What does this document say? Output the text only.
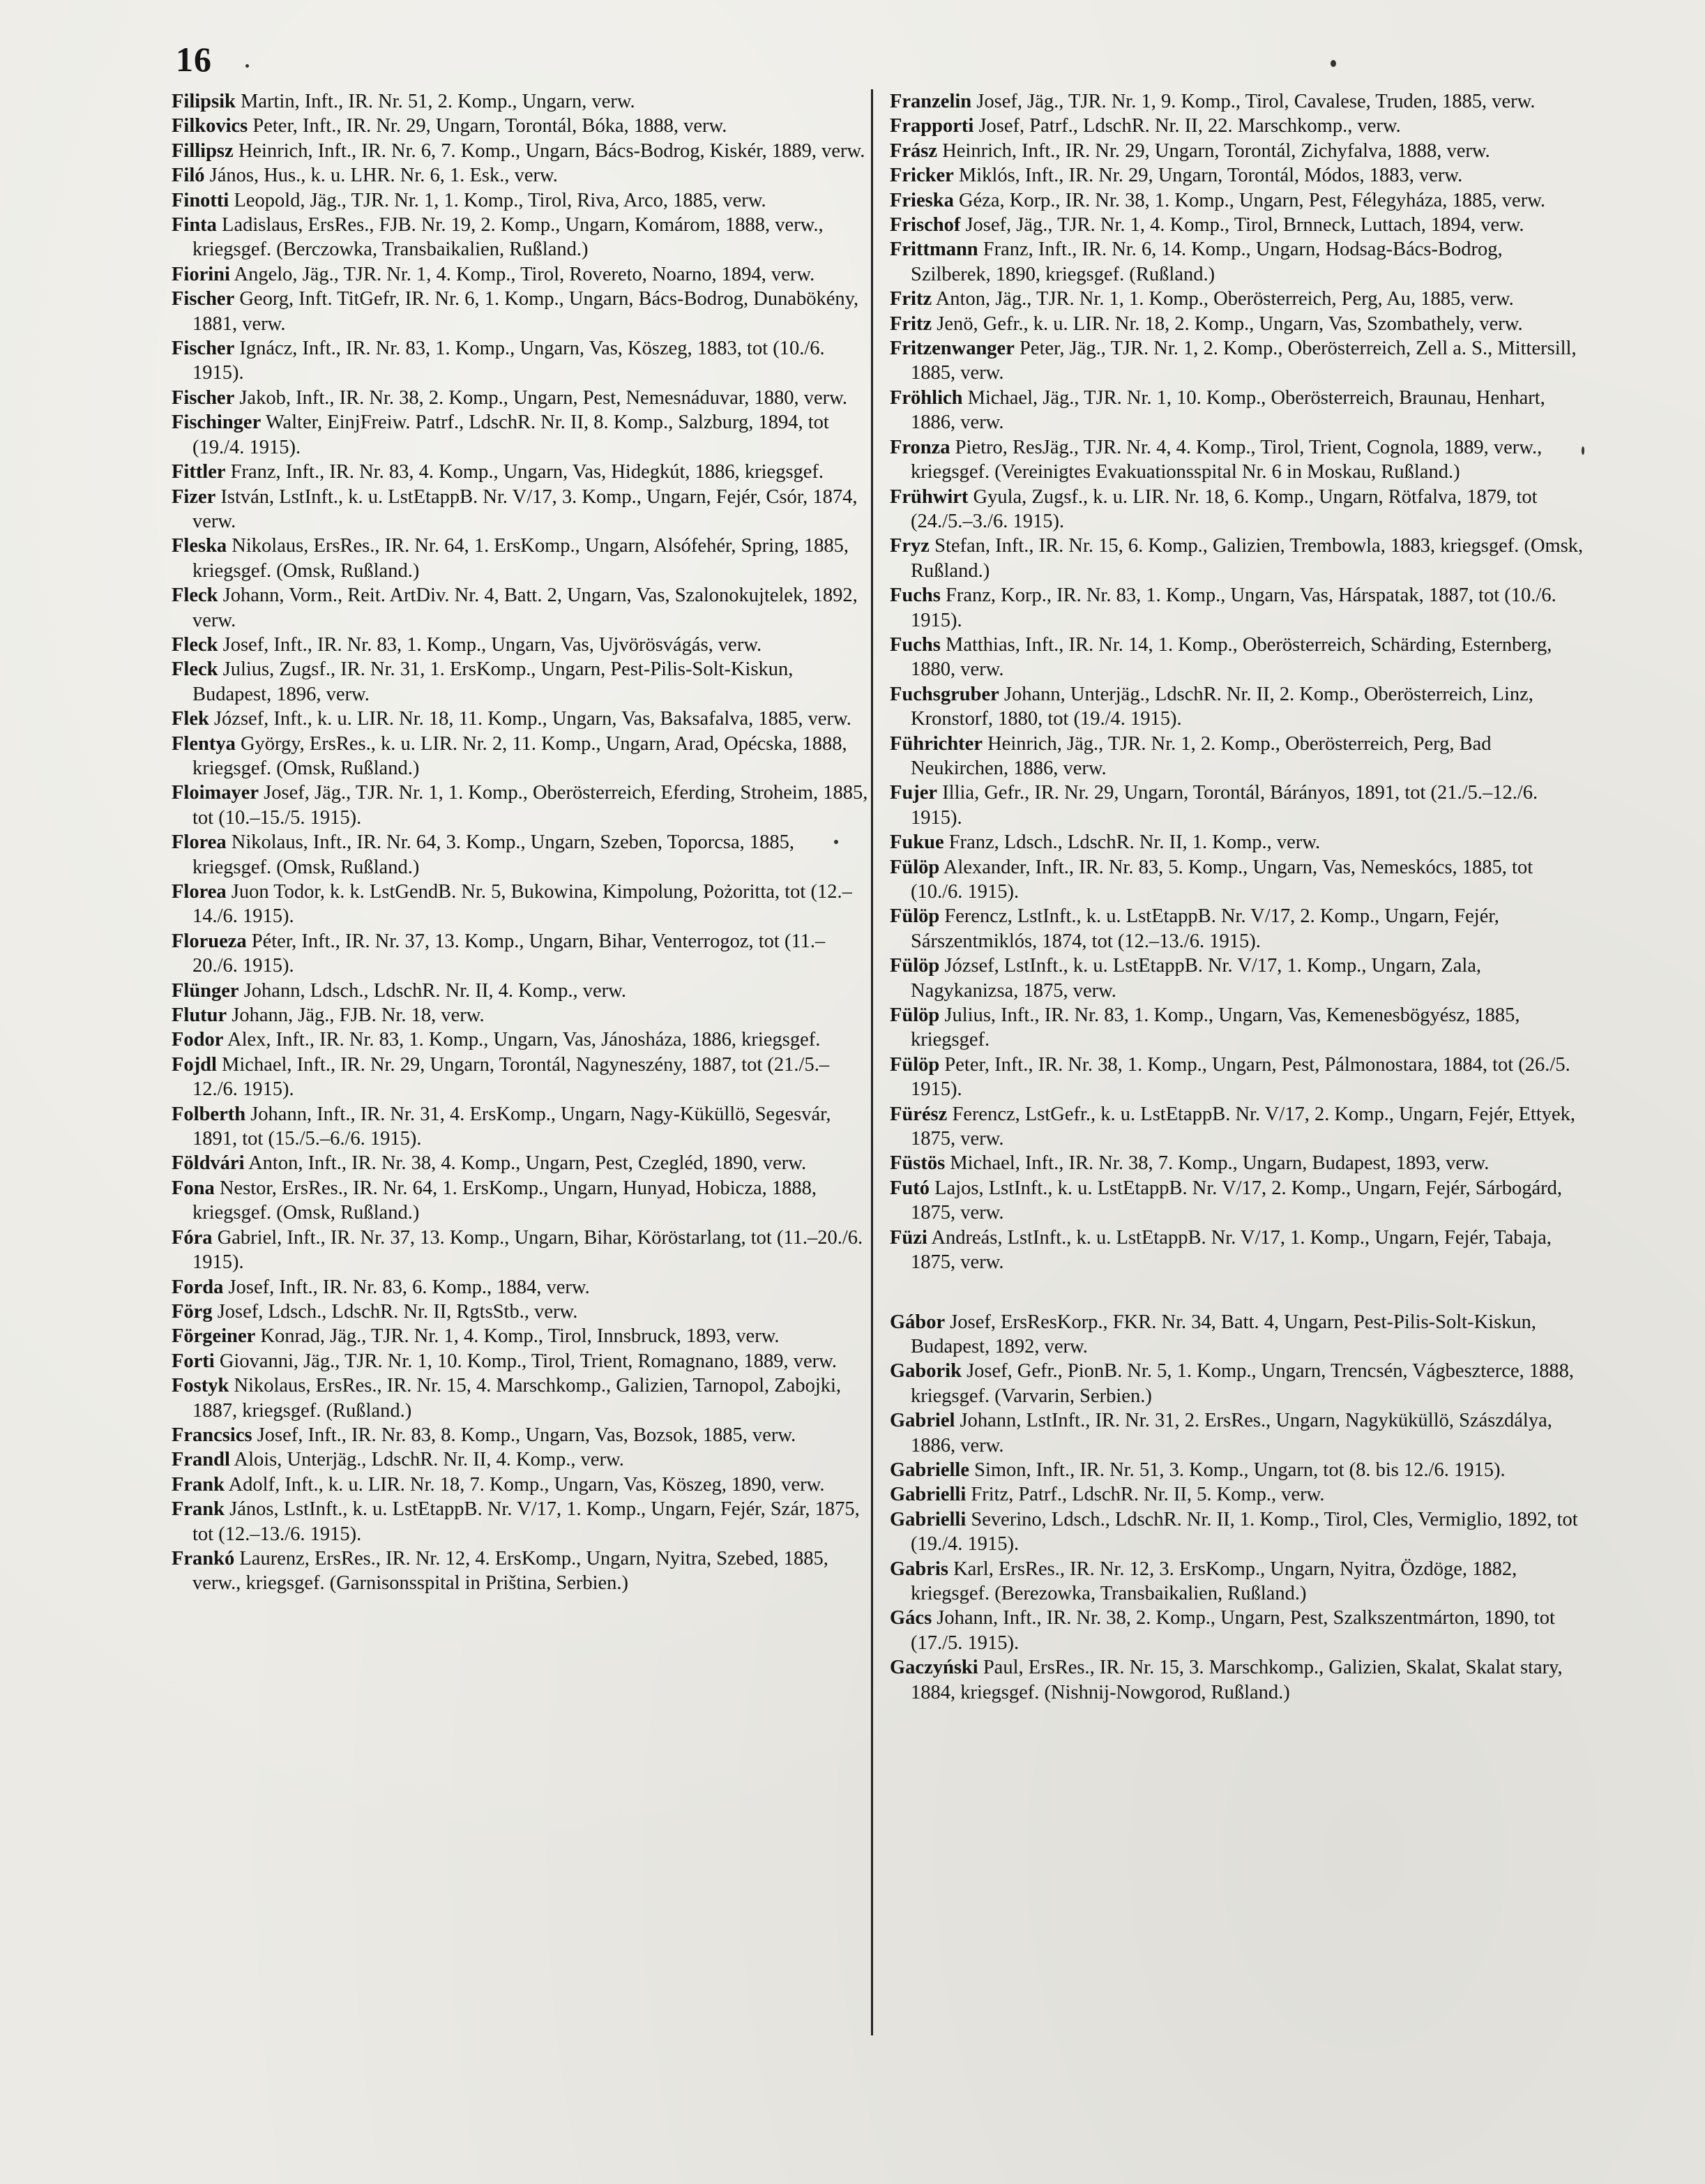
16

Filipsik Martin, Inft., IR. Nr. 51, 2. Komp., Ungarn, verw.

Filkovics Peter, Inft., IR. Nr. 29, Ungarn, Torontál, Bóka, 1888, verw.

Fillipsz Heinrich, Inft., IR. Nr. 6, 7. Komp., Ungarn, Bács-Bodrog, Kiskér, 1889, verw.

Filó János, Hus., k. u. LHR. Nr. 6, 1. Esk., verw.

Finotti Leopold, Jäg., TJR. Nr. 1, 1. Komp., Tirol, Riva, Arco, 1885, verw.

Finta Ladislaus, ErsRes., FJB. Nr. 19, 2. Komp., Ungarn, Komárom, 1888, verw., kriegsgef. (Berczowka, Transbaikalien, Rußland.)

Fiorini Angelo, Jäg., TJR. Nr. 1, 4. Komp., Tirol, Rovereto, Noarno, 1894, verw.

Fischer Georg, Inft. TitGefr, IR. Nr. 6, 1. Komp., Ungarn, Bács-Bodrog, Dunabökény, 1881, verw.

Fischer Ignácz, Inft., IR. Nr. 83, 1. Komp., Ungarn, Vas, Köszeg, 1883, tot (10./6. 1915).

Fischer Jakob, Inft., IR. Nr. 38, 2. Komp., Ungarn, Pest, Nemesnáduvar, 1880, verw.

Fischinger Walter, EinjFreiw. Patrf., LdschR. Nr. II, 8. Komp., Salzburg, 1894, tot (19./4. 1915).

Fittler Franz, Inft., IR. Nr. 83, 4. Komp., Ungarn, Vas, Hidegkút, 1886, kriegsgef.

Fizer István, LstInft., k. u. LstEtappB. Nr. V/17, 3. Komp., Ungarn, Fejér, Csór, 1874, verw.

Fleska Nikolaus, ErsRes., IR. Nr. 64, 1. ErsKomp., Ungarn, Alsófehér, Spring, 1885, kriegsgef. (Omsk, Rußland.)

Fleck Johann, Vorm., Reit. ArtDiv. Nr. 4, Batt. 2, Ungarn, Vas, Szalonokujtelek, 1892, verw.

Fleck Josef, Inft., IR. Nr. 83, 1. Komp., Ungarn, Vas, Ujvörösvágás, verw.

Fleck Julius, Zugsf., IR. Nr. 31, 1. ErsKomp., Ungarn, Pest-Pilis-Solt-Kiskun, Budapest, 1896, verw.

Flek József, Inft., k. u. LIR. Nr. 18, 11. Komp., Ungarn, Vas, Baksafalva, 1885, verw.

Flentya György, ErsRes., k. u. LIR. Nr. 2, 11. Komp., Ungarn, Arad, Opécska, 1888, kriegsgef. (Omsk, Rußland.)

Floimayer Josef, Jäg., TJR. Nr. 1, 1. Komp., Oberösterreich, Eferding, Stroheim, 1885, tot (10.–15./5. 1915).

Florea Nikolaus, Inft., IR. Nr. 64, 3. Komp., Ungarn, Szeben, Toporcsa, 1885, kriegsgef. (Omsk, Rußland.)

Florea Juon Todor, k. k. LstGendB. Nr. 5, Bukowina, Kimpolung, Pożoritta, tot (12.–14./6. 1915).

Florueza Péter, Inft., IR. Nr. 37, 13. Komp., Ungarn, Bihar, Venterrogoz, tot (11.–20./6. 1915).

Flünger Johann, Ldsch., LdschR. Nr. II, 4. Komp., verw.

Flutur Johann, Jäg., FJB. Nr. 18, verw.

Fodor Alex, Inft., IR. Nr. 83, 1. Komp., Ungarn, Vas, Jánosháza, 1886, kriegsgef.

Fojdl Michael, Inft., IR. Nr. 29, Ungarn, Torontál, Nagyneszény, 1887, tot (21./5.–12./6. 1915).

Folberth Johann, Inft., IR. Nr. 31, 4. ErsKomp., Ungarn, Nagy-Küküllö, Segesvár, 1891, tot (15./5.–6./6. 1915).

Földvári Anton, Inft., IR. Nr. 38, 4. Komp., Ungarn, Pest, Czegléd, 1890, verw.

Fona Nestor, ErsRes., IR. Nr. 64, 1. ErsKomp., Ungarn, Hunyad, Hobicza, 1888, kriegsgef. (Omsk, Rußland.)

Fóra Gabriel, Inft., IR. Nr. 37, 13. Komp., Ungarn, Bihar, Köröstarlang, tot (11.–20./6. 1915).

Forda Josef, Inft., IR. Nr. 83, 6. Komp., 1884, verw.

Förg Josef, Ldsch., LdschR. Nr. II, RgtsStb., verw.

Förgeiner Konrad, Jäg., TJR. Nr. 1, 4. Komp., Tirol, Innsbruck, 1893, verw.

Forti Giovanni, Jäg., TJR. Nr. 1, 10. Komp., Tirol, Trient, Romagnano, 1889, verw.

Fostyk Nikolaus, ErsRes., IR. Nr. 15, 4. Marschkomp., Galizien, Tarnopol, Zabojki, 1887, kriegsgef. (Rußland.)

Francsics Josef, Inft., IR. Nr. 83, 8. Komp., Ungarn, Vas, Bozsok, 1885, verw.

Frandl Alois, Unterjäg., LdschR. Nr. II, 4. Komp., verw.

Frank Adolf, Inft., k. u. LIR. Nr. 18, 7. Komp., Ungarn, Vas, Köszeg, 1890, verw.

Frank János, LstInft., k. u. LstEtappB. Nr. V/17, 1. Komp., Ungarn, Fejér, Szár, 1875, tot (12.–13./6. 1915).

Frankó Laurenz, ErsRes., IR. Nr. 12, 4. ErsKomp., Ungarn, Nyitra, Szebed, 1885, verw., kriegsgef. (Garnisonsspital in Priština, Serbien.)

Franzelin Josef, Jäg., TJR. Nr. 1, 9. Komp., Tirol, Cavalese, Truden, 1885, verw.

Frapporti Josef, Patrf., LdschR. Nr. II, 22. Marschkomp., verw.

Frász Heinrich, Inft., IR. Nr. 29, Ungarn, Torontál, Zichyfalva, 1888, verw.

Fricker Miklós, Inft., IR. Nr. 29, Ungarn, Torontál, Módos, 1883, verw.

Frieska Géza, Korp., IR. Nr. 38, 1. Komp., Ungarn, Pest, Félegyháza, 1885, verw.

Frischof Josef, Jäg., TJR. Nr. 1, 4. Komp., Tirol, Brnneck, Luttach, 1894, verw.

Frittmann Franz, Inft., IR. Nr. 6, 14. Komp., Ungarn, Hodsag-Bács-Bodrog, Szilberek, 1890, kriegsgef. (Rußland.)

Fritz Anton, Jäg., TJR. Nr. 1, 1. Komp., Oberösterreich, Perg, Au, 1885, verw.

Fritz Jenö, Gefr., k. u. LIR. Nr. 18, 2. Komp., Ungarn, Vas, Szombathely, verw.

Fritzenwanger Peter, Jäg., TJR. Nr. 1, 2. Komp., Oberösterreich, Zell a. S., Mittersill, 1885, verw.

Fröhlich Michael, Jäg., TJR. Nr. 1, 10. Komp., Oberösterreich, Braunau, Henhart, 1886, verw.

Fronza Pietro, ResJäg., TJR. Nr. 4, 4. Komp., Tirol, Trient, Cognola, 1889, verw., kriegsgef. (Vereinigtes Evakuationsspital Nr. 6 in Moskau, Rußland.)

Frühwirt Gyula, Zugsf., k. u. LIR. Nr. 18, 6. Komp., Ungarn, Rötfalva, 1879, tot (24./5.–3./6. 1915).

Fryz Stefan, Inft., IR. Nr. 15, 6. Komp., Galizien, Trembowla, 1883, kriegsgef. (Omsk, Rußland.)

Fuchs Franz, Korp., IR. Nr. 83, 1. Komp., Ungarn, Vas, Hárspatak, 1887, tot (10./6. 1915).

Fuchs Matthias, Inft., IR. Nr. 14, 1. Komp., Oberösterreich, Schärding, Esternberg, 1880, verw.

Fuchsgruber Johann, Unterjäg., LdschR. Nr. II, 2. Komp., Oberösterreich, Linz, Kronstorf, 1880, tot (19./4. 1915).

Führichter Heinrich, Jäg., TJR. Nr. 1, 2. Komp., Oberösterreich, Perg, Bad Neukirchen, 1886, verw.

Fujer Illia, Gefr., IR. Nr. 29, Ungarn, Torontál, Bárányos, 1891, tot (21./5.–12./6. 1915).

Fukue Franz, Ldsch., LdschR. Nr. II, 1. Komp., verw.

Fülöp Alexander, Inft., IR. Nr. 83, 5. Komp., Ungarn, Vas, Nemeskócs, 1885, tot (10./6. 1915).

Fülöp Ferencz, LstInft., k. u. LstEtappB. Nr. V/17, 2. Komp., Ungarn, Fejér, Sárszentmiklós, 1874, tot (12.–13./6. 1915).

Fülöp József, LstInft., k. u. LstEtappB. Nr. V/17, 1. Komp., Ungarn, Zala, Nagykanizsa, 1875, verw.

Fülöp Julius, Inft., IR. Nr. 83, 1. Komp., Ungarn, Vas, Kemenesbögyész, 1885, kriegsgef.

Fülöp Peter, Inft., IR. Nr. 38, 1. Komp., Ungarn, Pest, Pálmonostara, 1884, tot (26./5. 1915).

Fürész Ferencz, LstGefr., k. u. LstEtappB. Nr. V/17, 2. Komp., Ungarn, Fejér, Ettyek, 1875, verw.

Füstös Michael, Inft., IR. Nr. 38, 7. Komp., Ungarn, Budapest, 1893, verw.

Futó Lajos, LstInft., k. u. LstEtappB. Nr. V/17, 2. Komp., Ungarn, Fejér, Sárbogárd, 1875, verw.

Füzi Andreás, LstInft., k. u. LstEtappB. Nr. V/17, 1. Komp., Ungarn, Fejér, Tabaja, 1875, verw.

Gábor Josef, ErsResKorp., FKR. Nr. 34, Batt. 4, Ungarn, Pest-Pilis-Solt-Kiskun, Budapest, 1892, verw.

Gaborik Josef, Gefr., PionB. Nr. 5, 1. Komp., Ungarn, Trencsén, Vágbeszterce, 1888, kriegsgef. (Varvarin, Serbien.)

Gabriel Johann, LstInft., IR. Nr. 31, 2. ErsRes., Ungarn, Nagyküküllö, Szászdálya, 1886, verw.

Gabrielle Simon, Inft., IR. Nr. 51, 3. Komp., Ungarn, tot (8. bis 12./6. 1915).

Gabrielli Fritz, Patrf., LdschR. Nr. II, 5. Komp., verw.

Gabrielli Severino, Ldsch., LdschR. Nr. II, 1. Komp., Tirol, Cles, Vermiglio, 1892, tot (19./4. 1915).

Gabris Karl, ErsRes., IR. Nr. 12, 3. ErsKomp., Ungarn, Nyitra, Özdöge, 1882, kriegsgef. (Berezowka, Transbaikalien, Rußland.)

Gács Johann, Inft., IR. Nr. 38, 2. Komp., Ungarn, Pest, Szalkszentmárton, 1890, tot (17./5. 1915).

Gaczyński Paul, ErsRes., IR. Nr. 15, 3. Marschkomp., Galizien, Skalat, Skalat stary, 1884, kriegsgef. (Nishnij-Nowgorod, Rußland.)
